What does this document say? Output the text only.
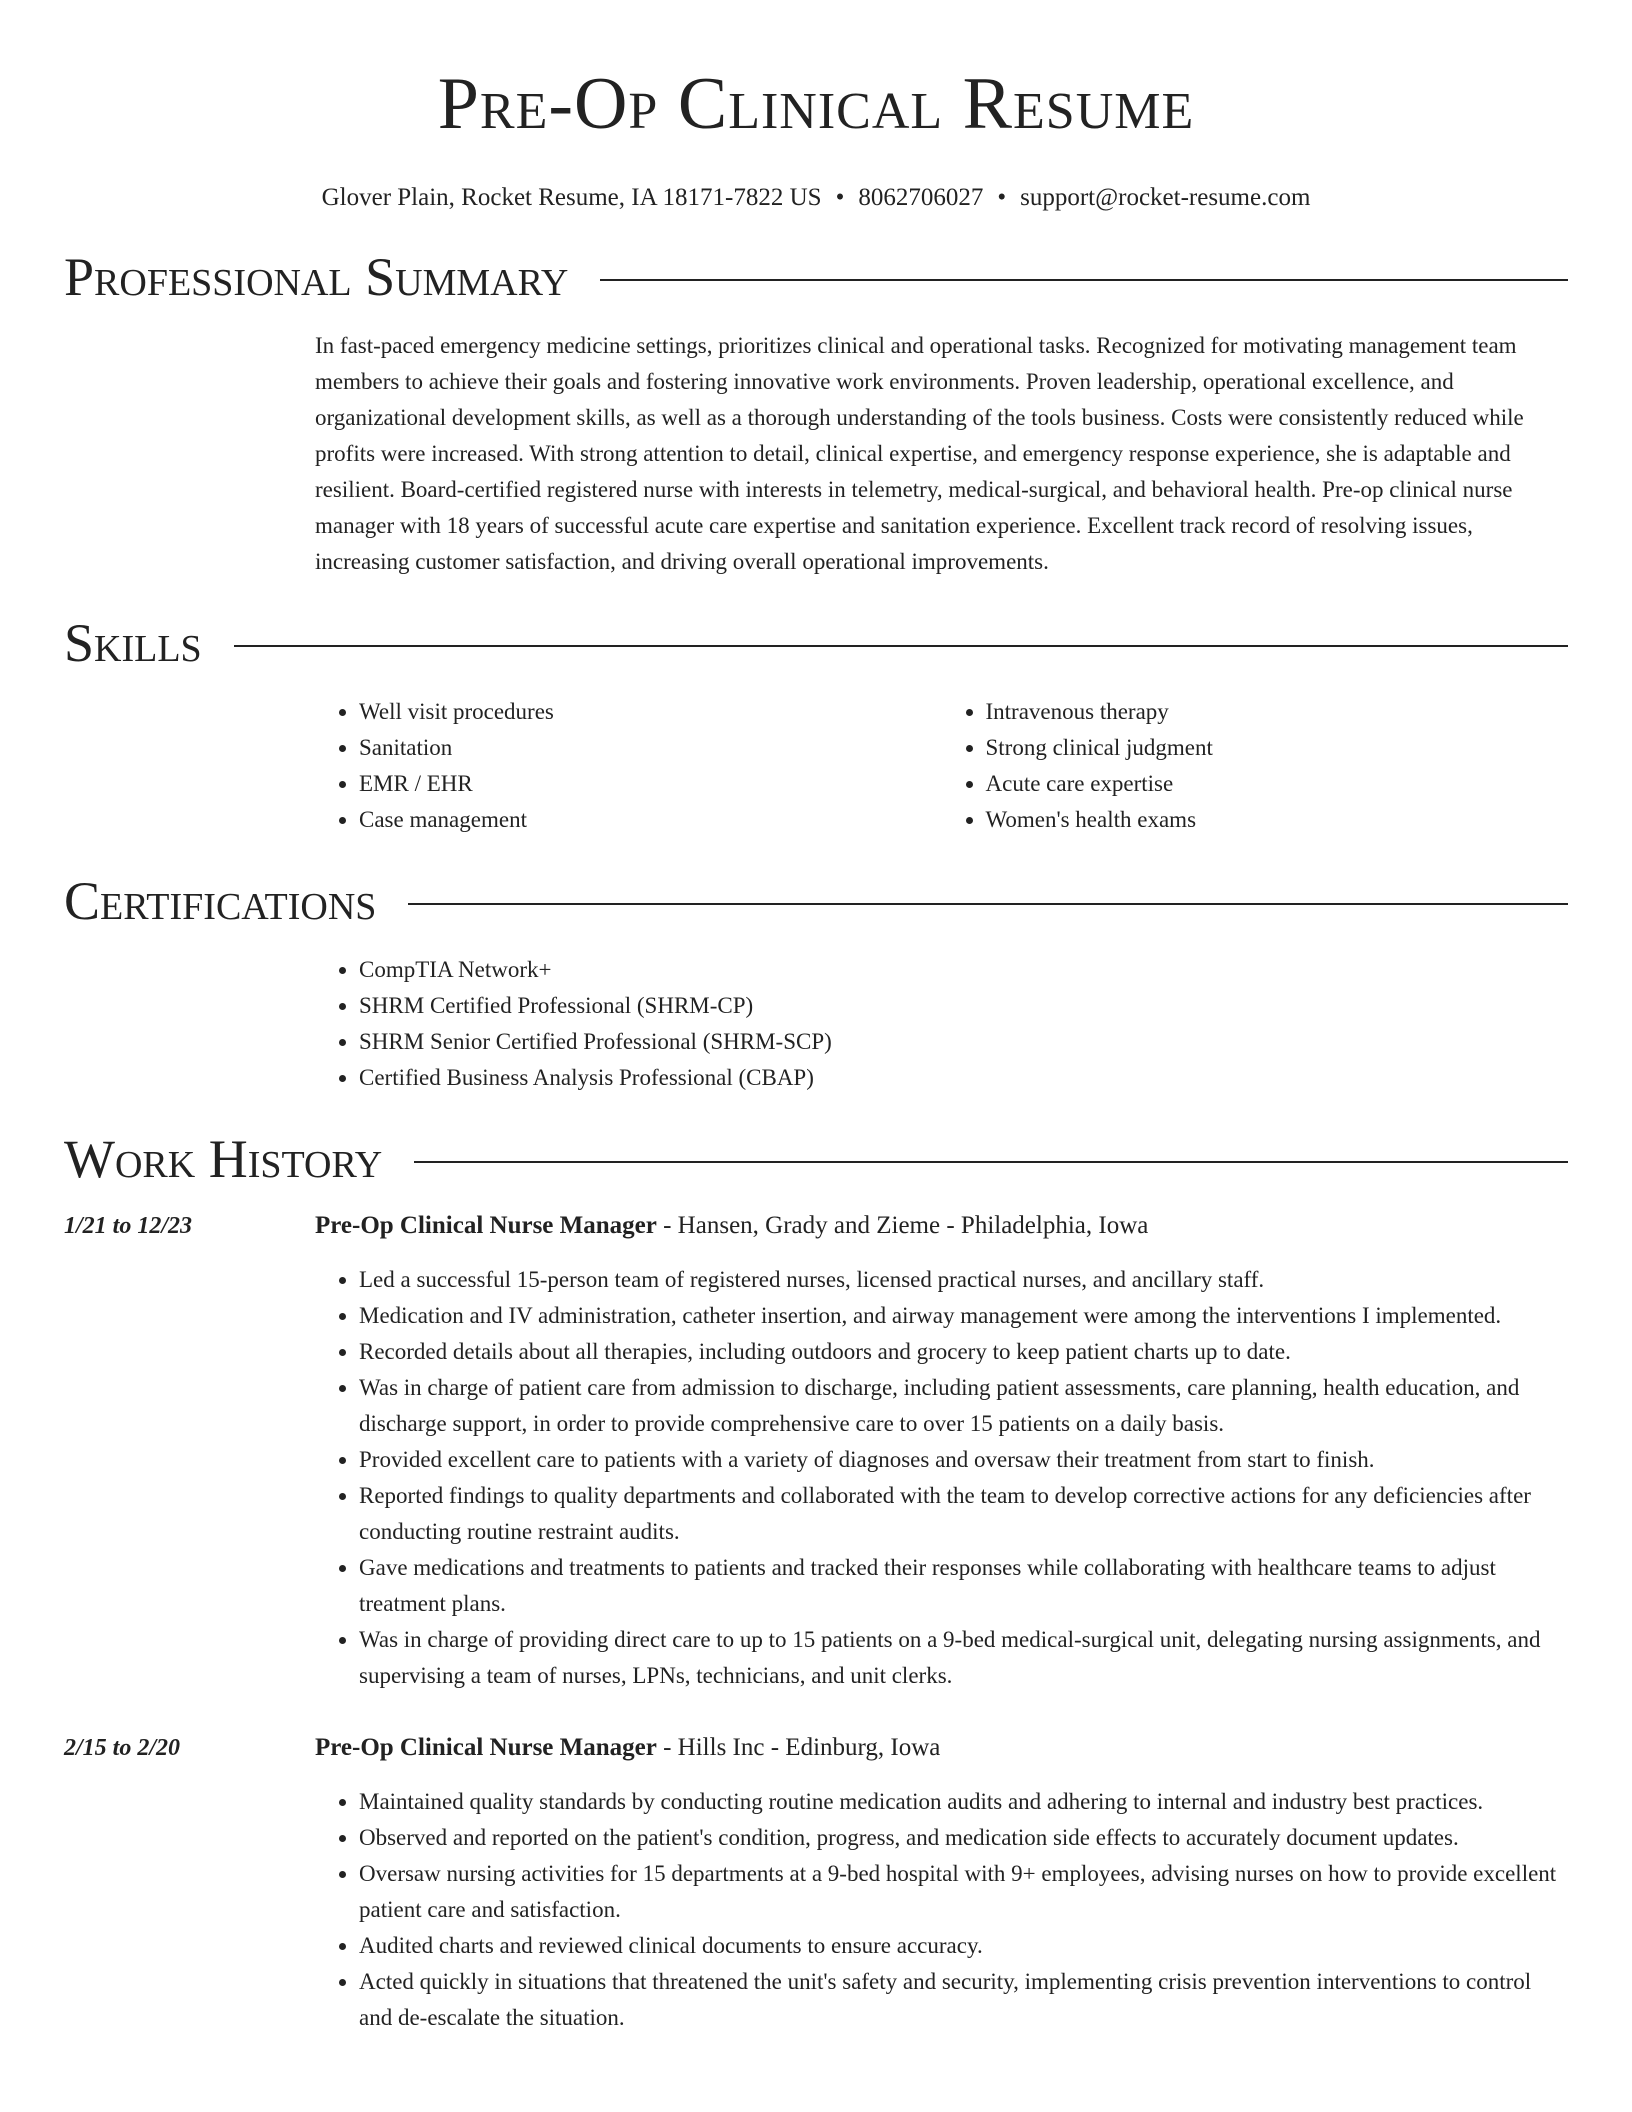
Pre-Op Clinical Resume
Glover Plain, Rocket Resume, IA 18171-7822 US • 8062706027 • support@rocket-resume.com
Professional Summary

In fast-paced emergency medicine settings, prioritizes clinical and operational tasks. Recognized for motivating management team members to achieve their goals and fostering innovative work environments. Proven leadership, operational excellence, and organizational development skills, as well as a thorough understanding of the tools business. Costs were consistently reduced while profits were increased. With strong attention to detail, clinical expertise, and emergency response experience, she is adaptable and resilient. Board-certified registered nurse with interests in telemetry, medical-surgical, and behavioral health. Pre-op clinical nurse manager with 18 years of successful acute care expertise and sanitation experience. Excellent track record of resolving issues, increasing customer satisfaction, and driving overall operational improvements.

Skills
• Well visit procedures
• Sanitation
• EMR / EHR
• Case management
• Intravenous therapy
• Strong clinical judgment
• Acute care expertise
• Women's health exams
Certifications
• CompTIA Network+
• SHRM Certified Professional (SHRM-CP)
• SHRM Senior Certified Professional (SHRM-SCP)
• Certified Business Analysis Professional (CBAP)
Work History
1/21 to 12/23	Pre-Op Clinical Nurse Manager - Hansen, Grady and Zieme - Philadelphia, Iowa
• Led a successful 15-person team of registered nurses, licensed practical nurses, and ancillary staff.
• Medication and IV administration, catheter insertion, and airway management were among the interventions I implemented.
• Recorded details about all therapies, including outdoors and grocery to keep patient charts up to date.
• Was in charge of patient care from admission to discharge, including patient assessments, care planning, health education, and discharge support, in order to provide comprehensive care to over 15 patients on a daily basis.
• Provided excellent care to patients with a variety of diagnoses and oversaw their treatment from start to finish.
• Reported findings to quality departments and collaborated with the team to develop corrective actions for any deficiencies after conducting routine restraint audits.
• Gave medications and treatments to patients and tracked their responses while collaborating with healthcare teams to adjust treatment plans.
• Was in charge of providing direct care to up to 15 patients on a 9-bed medical-surgical unit, delegating nursing assignments, and supervising a team of nurses, LPNs, technicians, and unit clerks.
2/15 to 2/20	Pre-Op Clinical Nurse Manager - Hills Inc - Edinburg, Iowa
• Maintained quality standards by conducting routine medication audits and adhering to internal and industry best practices.
• Observed and reported on the patient's condition, progress, and medication side effects to accurately document updates.
• Oversaw nursing activities for 15 departments at a 9-bed hospital with 9+ employees, advising nurses on how to provide excellent patient care and satisfaction.
• Audited charts and reviewed clinical documents to ensure accuracy.
• Acted quickly in situations that threatened the unit's safety and security, implementing crisis prevention interventions to control and de-escalate the situation.
